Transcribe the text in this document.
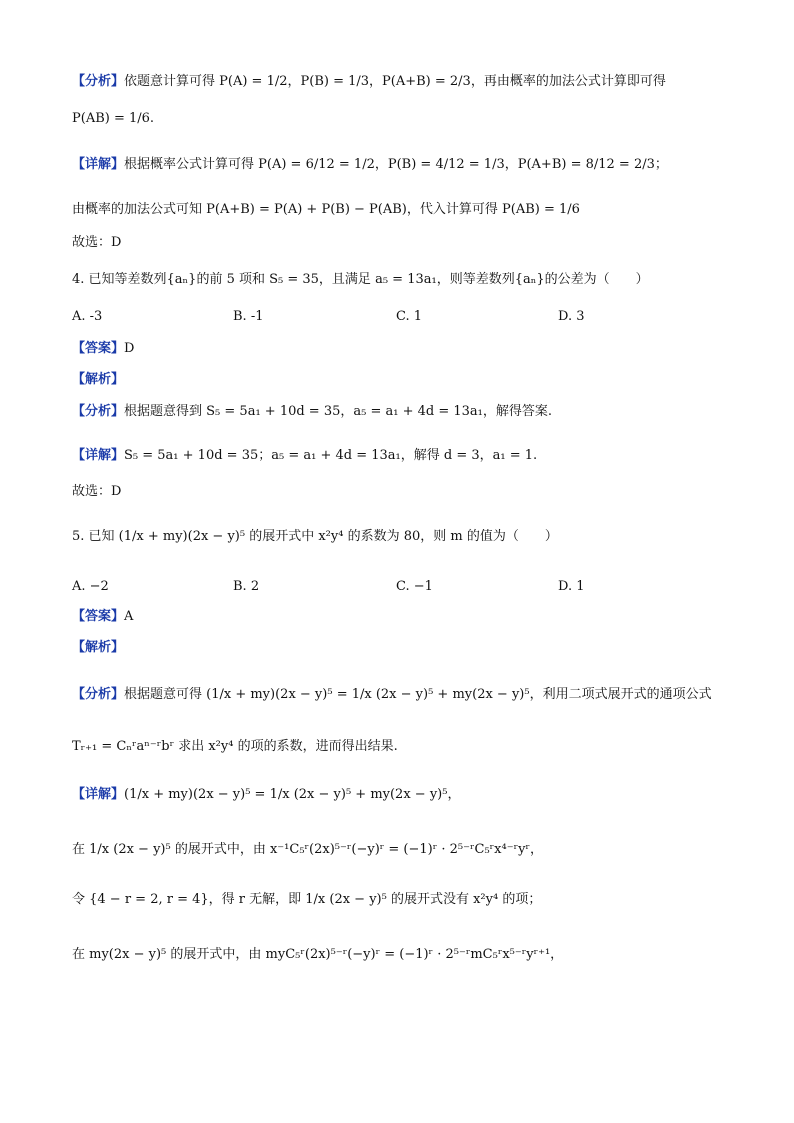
【分析】依题意计算可得 P(A) = 1/2，P(B) = 1/3，P(A+B) = 2/3，再由概率的加法公式计算即可得
P(AB) = 1/6.
【详解】根据概率公式计算可得 P(A) = 6/12 = 1/2，P(B) = 4/12 = 1/3，P(A+B) = 8/12 = 2/3；
由概率的加法公式可知 P(A+B) = P(A) + P(B) − P(AB)，代入计算可得 P(AB) = 1/6
故选：D
4. 已知等差数列{aₙ}的前 5 项和 S₅ = 35，且满足 a₅ = 13a₁，则等差数列{aₙ}的公差为（　　）
【答案】D
【解析】
【分析】根据题意得到 S₅ = 5a₁ + 10d = 35，a₅ = a₁ + 4d = 13a₁，解得答案.
【详解】S₅ = 5a₁ + 10d = 35；a₅ = a₁ + 4d = 13a₁，解得 d = 3，a₁ = 1.
故选：D
5. 已知 (1/x + my)(2x − y)⁵ 的展开式中 x²y⁴ 的系数为 80，则 m 的值为（　　）
【答案】A
【解析】
【分析】根据题意可得 (1/x + my)(2x − y)⁵ = 1/x (2x − y)⁵ + my(2x − y)⁵，利用二项式展开式的通项公式
Tᵣ₊₁ = Cₙʳaⁿ⁻ʳbʳ 求出 x²y⁴ 的项的系数，进而得出结果.
【详解】(1/x + my)(2x − y)⁵ = 1/x (2x − y)⁵ + my(2x − y)⁵，
在 1/x (2x − y)⁵ 的展开式中，由 x⁻¹C₅ʳ(2x)⁵⁻ʳ(−y)ʳ = (−1)ʳ · 2⁵⁻ʳC₅ʳx⁴⁻ʳyʳ，
令 {4 − r = 2, r = 4}，得 r 无解，即 1/x (2x − y)⁵ 的展开式没有 x²y⁴ 的项；
在 my(2x − y)⁵ 的展开式中，由 myC₅ʳ(2x)⁵⁻ʳ(−y)ʳ = (−1)ʳ · 2⁵⁻ʳmC₅ʳx⁵⁻ʳyʳ⁺¹，
A. -3	B. -1	C. 1	D. 3
A. −2	B. 2	C. −1	D. 1
